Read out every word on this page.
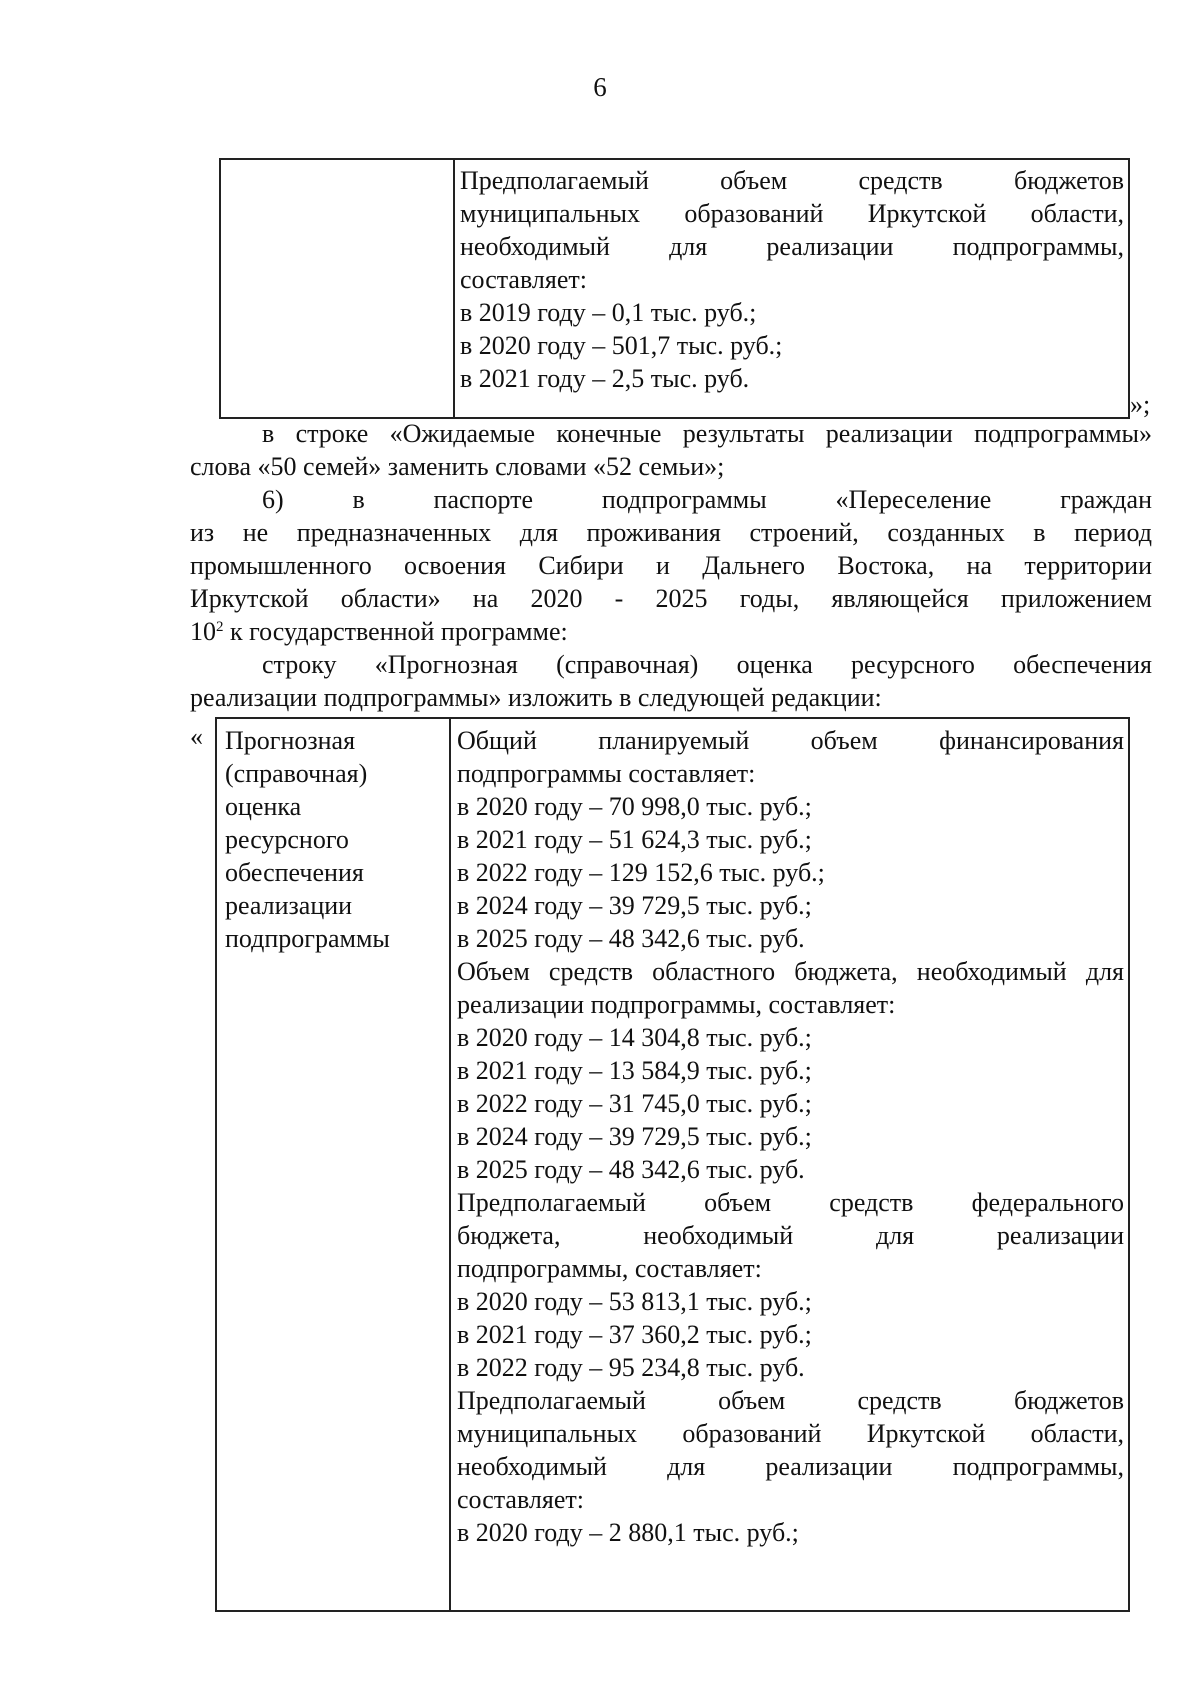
6
Предполагаемый объем средств бюджетов
муниципальных образований Иркутской области,
необходимый для реализации подпрограммы,
составляет:
в 2019 году – 0,1 тыс. руб.;
в 2020 году – 501,7 тыс. руб.;
в 2021 году – 2,5 тыс. руб.
»;
в строке «Ожидаемые конечные результаты реализации подпрограммы»
слова «50 семей» заменить словами «52 семьи»;
6) в паспорте подпрограммы «Переселение граждан
из не предназначенных для проживания строений, созданных в период
промышленного освоения Сибири и Дальнего Востока, на территории
Иркутской области» на 2020 - 2025 годы, являющейся приложением
$10^2$ к государственной программе:
строку «Прогнозная (справочная) оценка ресурсного обеспечения
реализации подпрограммы» изложить в следующей редакции:
« Прогнозная
(справочная)
оценка
ресурсного
обеспечения
реализации
подпрограммы
Общий планируемый объем финансирования
подпрограммы составляет:
в 2020 году – 70 998,0 тыс. руб.;
в 2021 году – 51 624,3 тыс. руб.;
в 2022 году – 129 152,6 тыс. руб.;
в 2024 году – 39 729,5 тыс. руб.;
в 2025 году – 48 342,6 тыс. руб.
Объем средств областного бюджета, необходимый для
реализации подпрограммы, составляет:
в 2020 году – 14 304,8 тыс. руб.;
в 2021 году – 13 584,9 тыс. руб.;
в 2022 году – 31 745,0 тыс. руб.;
в 2024 году – 39 729,5 тыс. руб.;
в 2025 году – 48 342,6 тыс. руб.
Предполагаемый объем средств федерального
бюджета, необходимый для реализации
подпрограммы, составляет:
в 2020 году – 53 813,1 тыс. руб.;
в 2021 году – 37 360,2 тыс. руб.;
в 2022 году – 95 234,8 тыс. руб.
Предполагаемый объем средств бюджетов
муниципальных образований Иркутской области,
необходимый для реализации подпрограммы,
составляет:
в 2020 году – 2 880,1 тыс. руб.;
